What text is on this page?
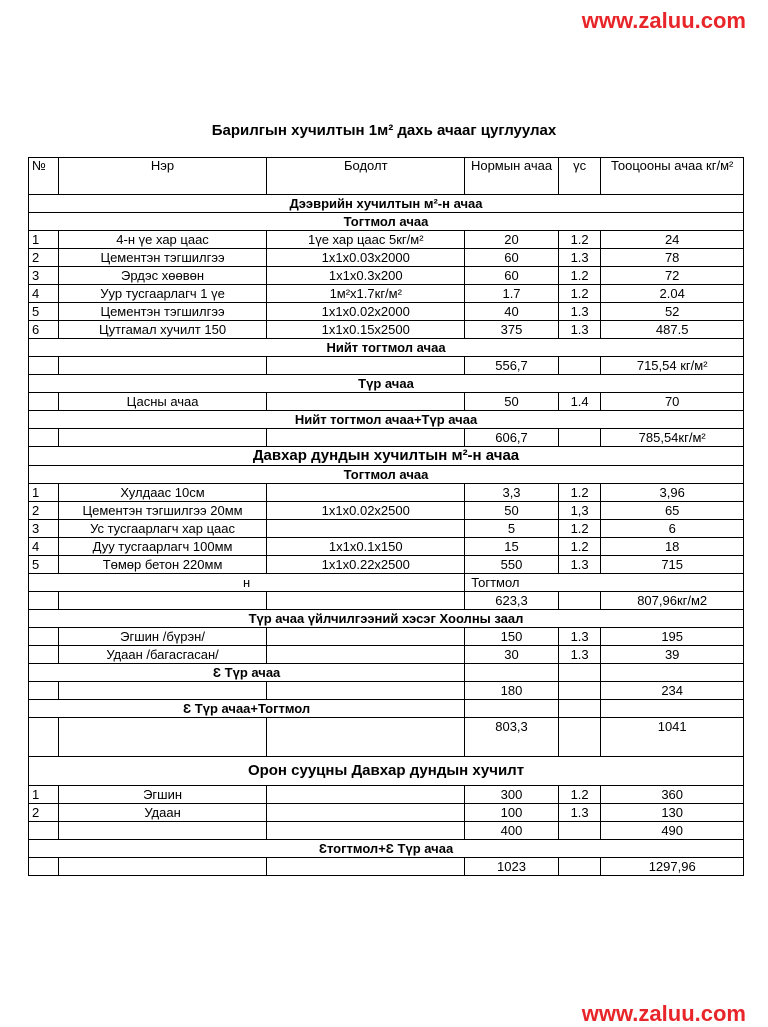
www.zaluu.com
Барилгын хучилтын 1м² дахь ачааг цуглуулах
№	Нэр	Бодолт	Нормын ачаа	γc	Тооцооны ачаа кг/м²
Дээврийн хучилтын м²-н ачаа					
Тогтмол ачаа					
1	4-н үе хар цаас	1үе хар цаас 5кг/м²	20	1.2	24
2	Цементэн тэгшилгээ	1х1х0.03х2000	60	1.3	78
3	Эрдэс хөөвөн	1х1х0.3х200	60	1.2	72
4	Уур тусгаарлагч 1 үе	1м²х1.7кг/м²	1.7	1.2	2.04
5	Цементэн тэгшилгээ	1х1х0.02х2000	40	1.3	52
6	Цутгамал хучилт 150	1х1х0.15х2500	375	1.3	487.5
Нийт тогтмол ачаа					
			556,7		715,54 кг/м²
Түр ачаа					
	Цасны ачаа		50	1.4	70
Нийт тогтмол ачаа+Түр ачаа					
			606,7		785,54кг/м²
Давхар дундын хучилтын м²-н ачаа					
Тогтмол ачаа					
1	Хулдаас 10см		3,3	1.2	3,96
2	Цементэн тэгшилгээ 20мм	1х1х0.02х2500	50	1,3	65
3	Ус тусгаарлагч хар цаас		5	1.2	6
4	Дуу тусгаарлагч 100мм	1х1х0.1х150	15	1.2	18
5	Төмөр бетон 220мм	1х1х0.22х2500	550	1.3	715
н			Тогтмол		
			623,3		807,96кг/м2
Түр ачаа үйлчилгээний хэсэг Хоолны заал					
	Эгшин /бүрэн/		150	1.3	195
	Удаан /багасгасан/		30	1.3	39
Ɛ Түр ачаа					
			180		234
Ɛ Түр ачаа+Тогтмол					
			803,3		1041
Орон сууцны Давхар дундын хучилт					
1	Эгшин		300	1.2	360
2	Удаан		100	1.3	130
			400		490
Ɛтогтмол+Ɛ Түр ачаа					
			1023		1297,96
www.zaluu.com
